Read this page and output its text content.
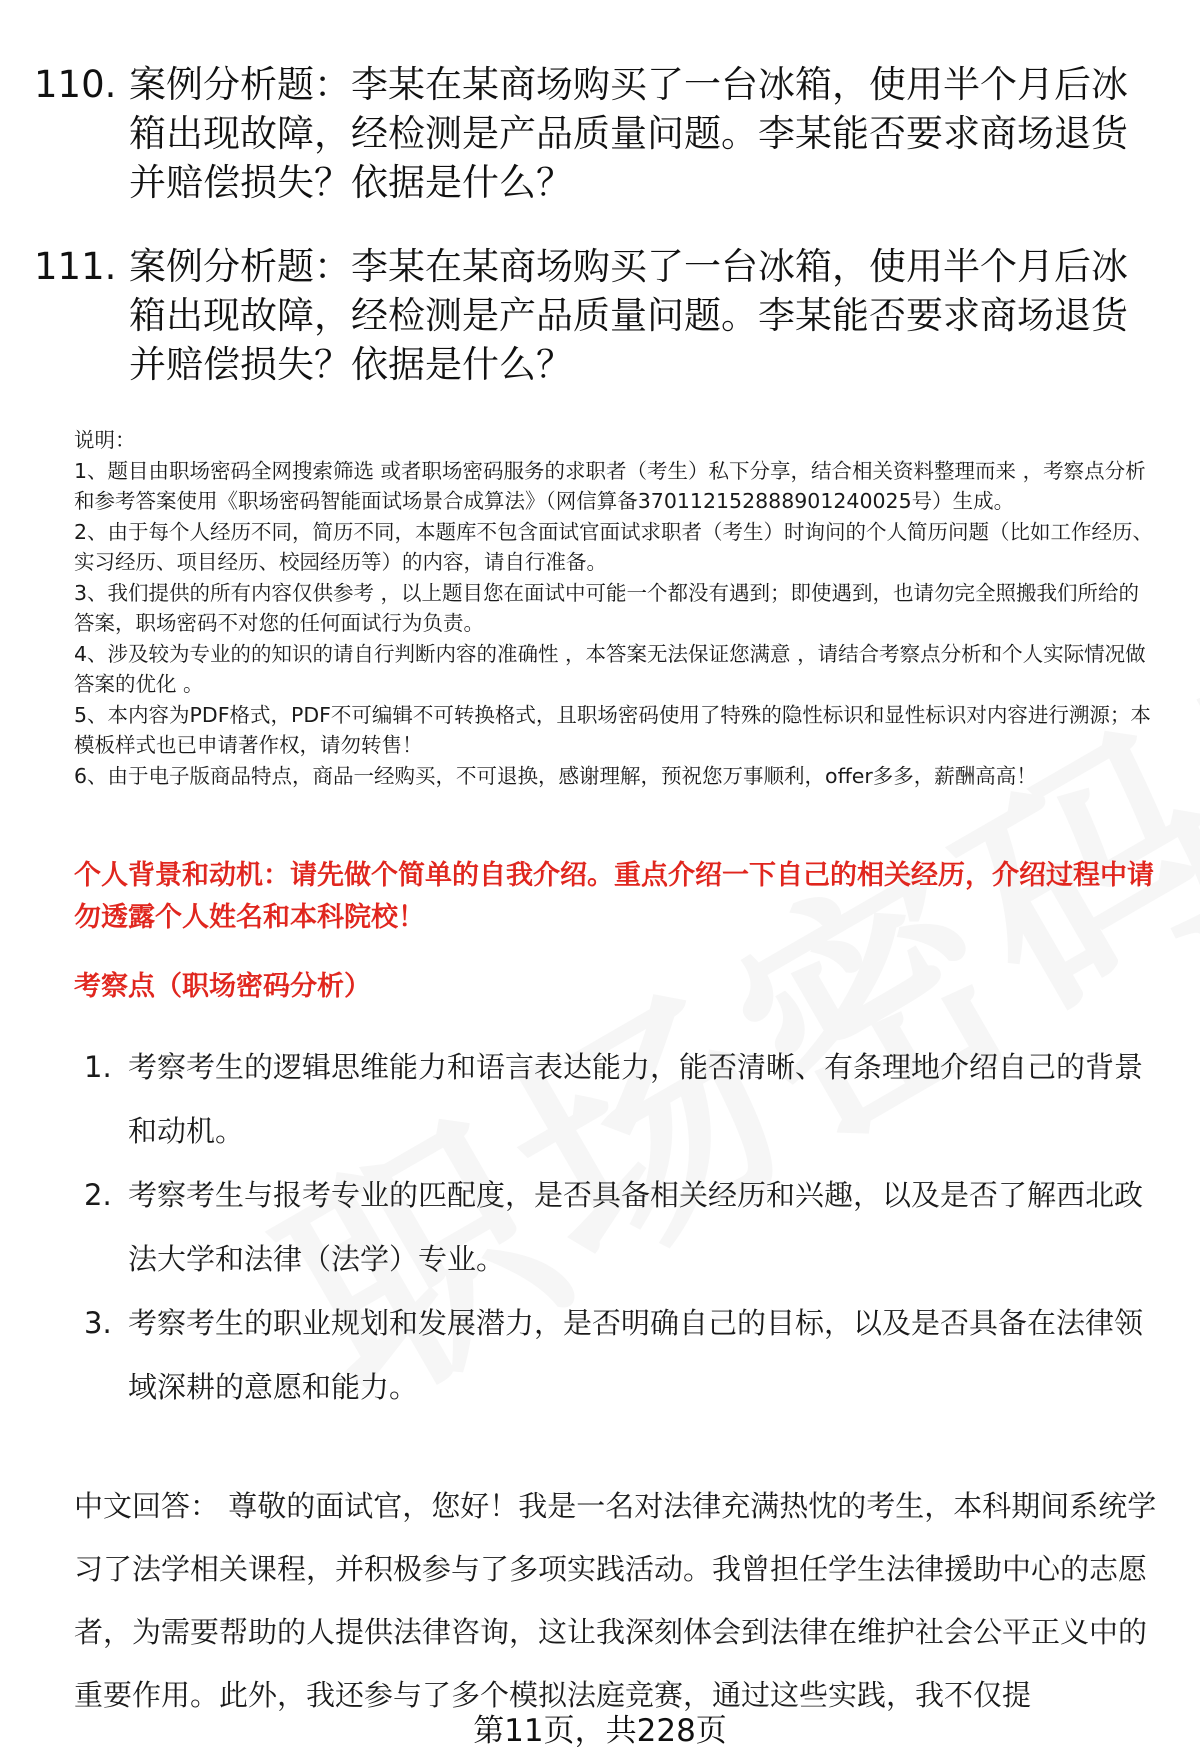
110. 案例分析题：李某在某商场购买了一台冰箱，使用半个月后冰箱出现故障，经检测是产品质量问题。李某能否要求商场退货并赔偿损失？依据是什么？
111. 案例分析题：李某在某商场购买了一台冰箱，使用半个月后冰箱出现故障，经检测是产品质量问题。李某能否要求商场退货并赔偿损失？依据是什么？
说明：
1、题目由职场密码全网搜索筛选 或者职场密码服务的求职者（考生）私下分享，结合相关资料整理而来 ，考察点分析和参考答案使用《职场密码智能面试场景合成算法》（网信算备370112152888901240025号）生成。
2、由于每个人经历不同，简历不同，本题库不包含面试官面试求职者（考生）时询问的个人简历问题（比如工作经历、实习经历、项目经历、校园经历等）的内容，请自行准备。
3、我们提供的所有内容仅供参考 ，以上题目您在面试中可能一个都没有遇到；即使遇到，也请勿完全照搬我们所给的答案，职场密码不对您的任何面试行为负责。
4、涉及较为专业的的知识的请自行判断内容的准确性 ，本答案无法保证您满意 ，请结合考察点分析和个人实际情况做答案的优化 。
5、本内容为PDF格式，PDF不可编辑不可转换格式，且职场密码使用了特殊的隐性标识和显性标识对内容进行溯源；本模板样式也已申请著作权，请勿转售！
6、由于电子版商品特点，商品一经购买，不可退换，感谢理解，预祝您万事顺利，offer多多，薪酬高高！
个人背景和动机：请先做个简单的自我介绍。重点介绍一下自己的相关经历，介绍过程中请勿透露个人姓名和本科院校！
考察点（职场密码分析）
1. 考察考生的逻辑思维能力和语言表达能力，能否清晰、有条理地介绍自己的背景和动机。
2. 考察考生与报考专业的匹配度，是否具备相关经历和兴趣，以及是否了解西北政法大学和法律（法学）专业。
3. 考察考生的职业规划和发展潜力，是否明确自己的目标，以及是否具备在法律领域深耕的意愿和能力。
中文回答： 尊敬的面试官，您好！我是一名对法律充满热忱的考生，本科期间系统学习了法学相关课程，并积极参与了多项实践活动。我曾担任学生法律援助中心的志愿者，为需要帮助的人提供法律咨询，这让我深刻体会到法律在维护社会公平正义中的重要作用。此外，我还参与了多个模拟法庭竞赛，通过这些实践，我不仅提
第11页，共228页
